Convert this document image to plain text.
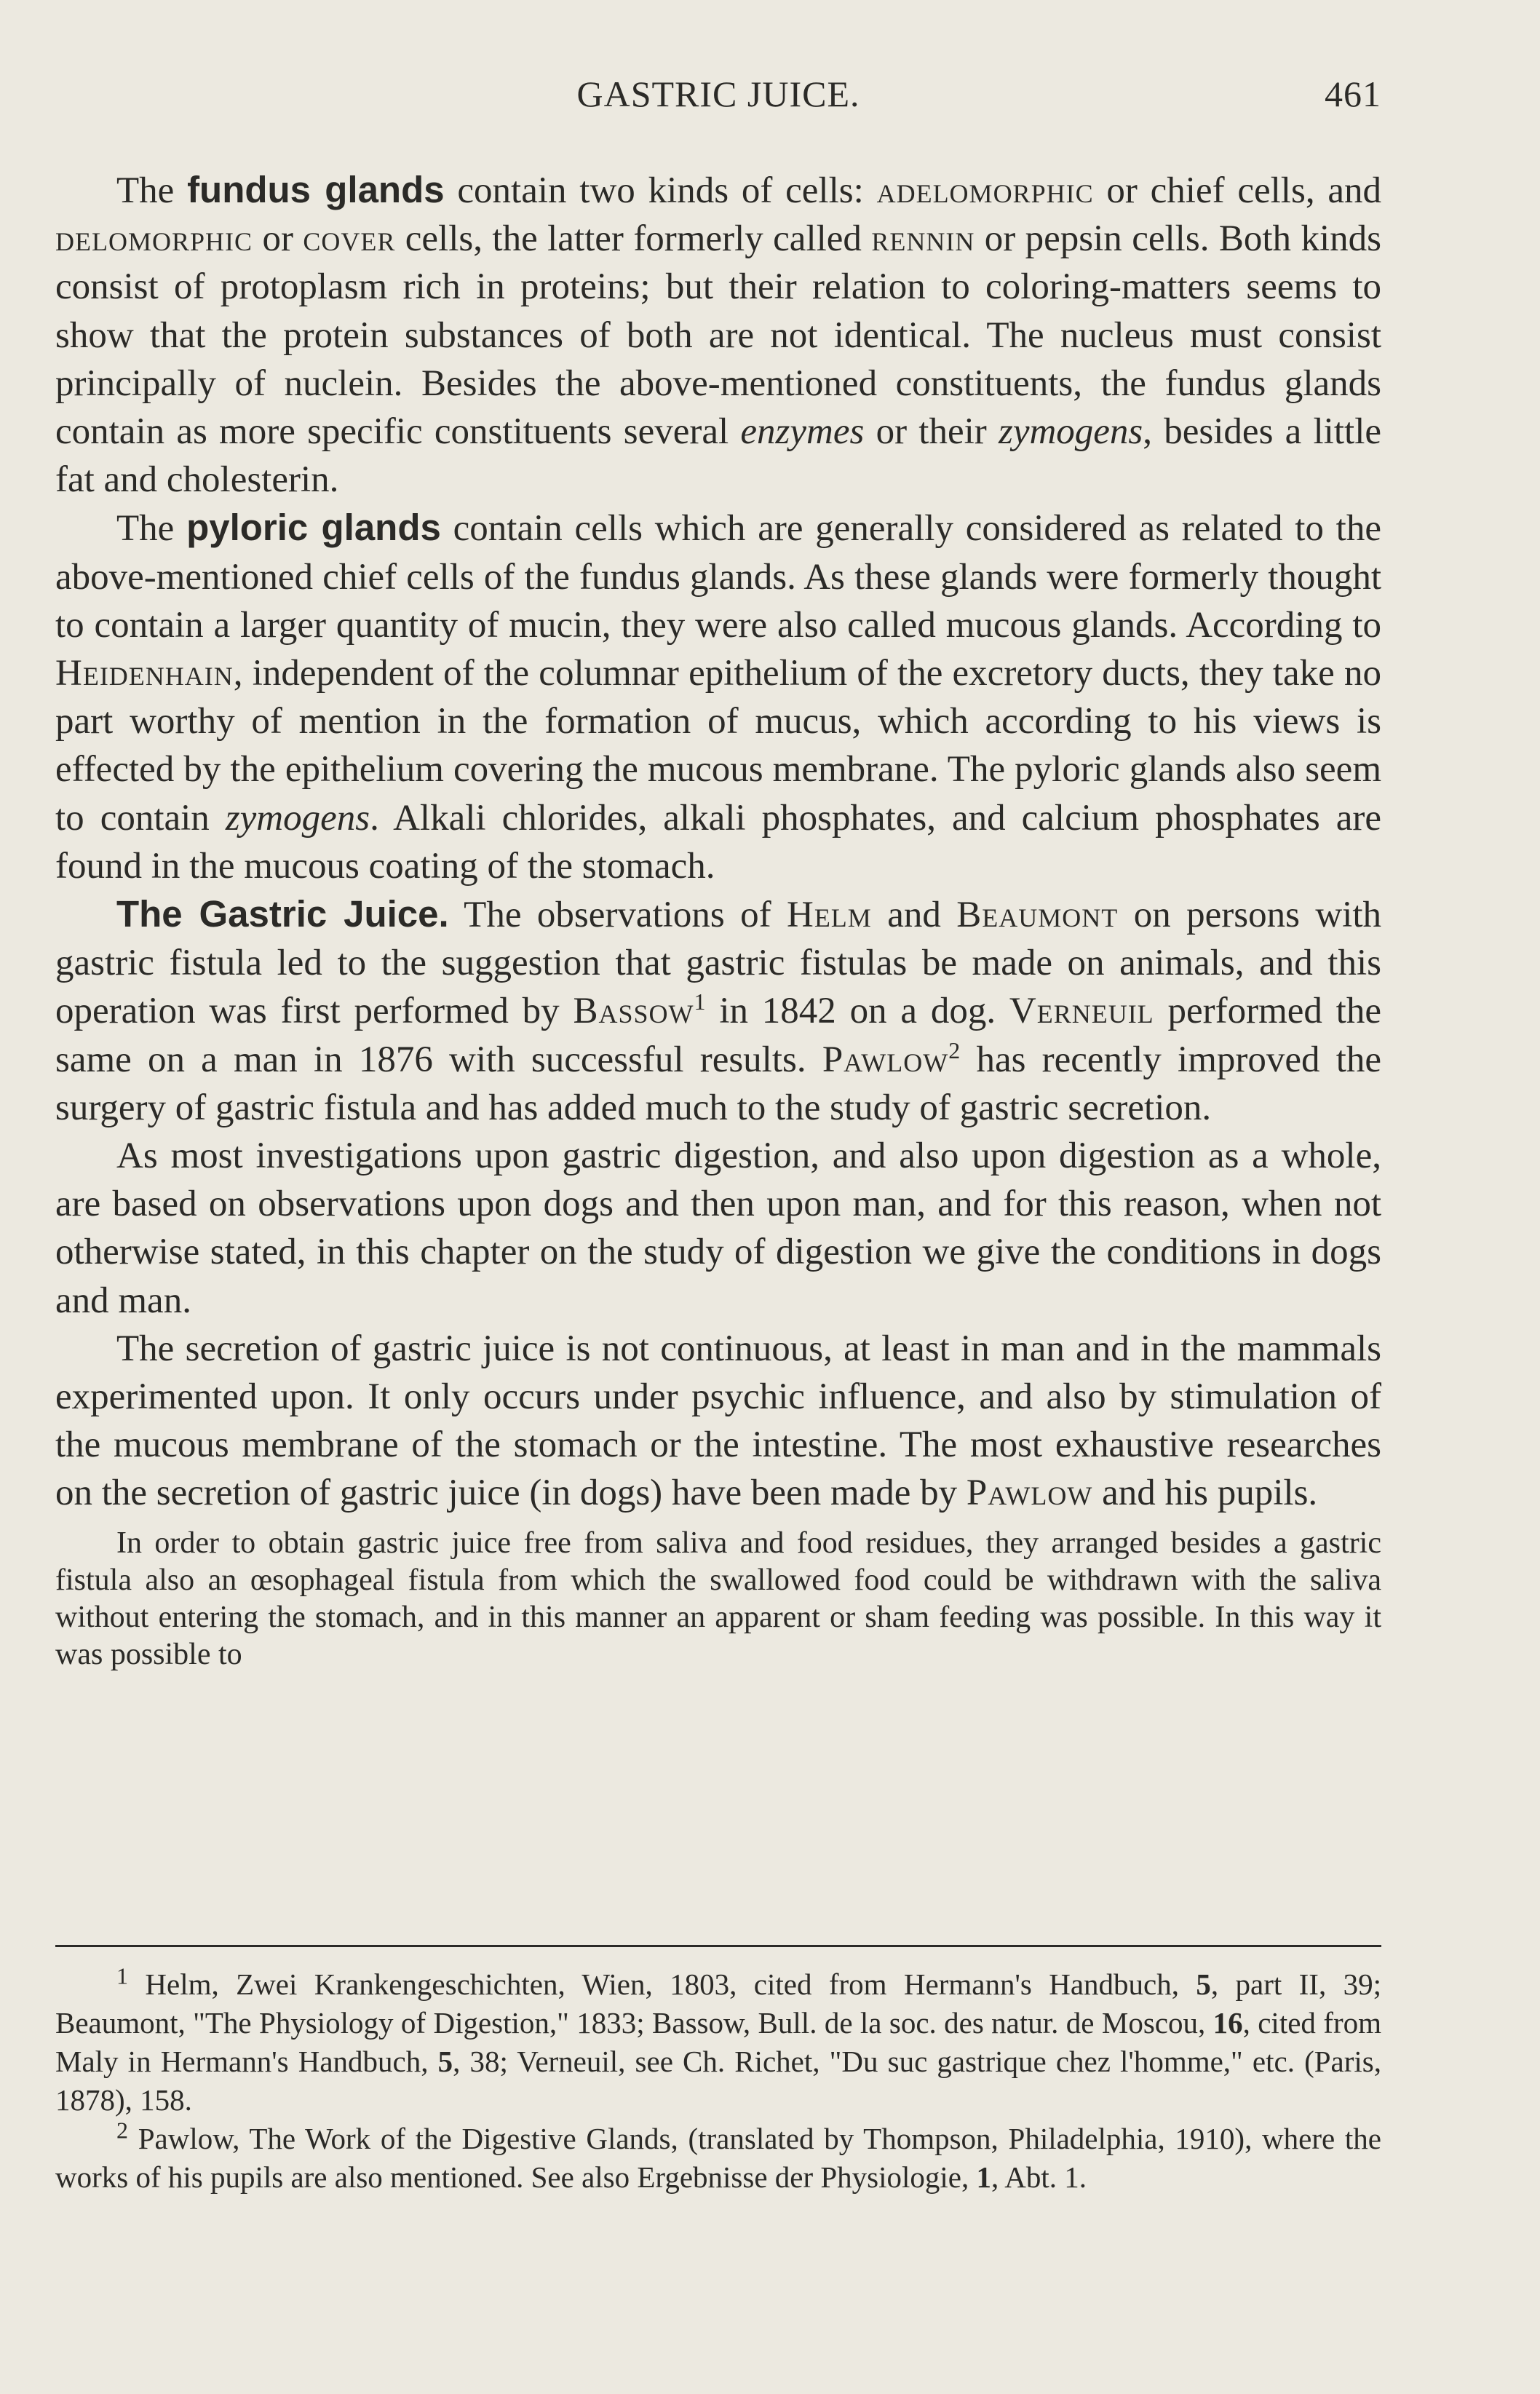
GASTRIC JUICE.	461

The fundus glands contain two kinds of cells: adelomorphic or chief cells, and delomorphic or cover cells, the latter formerly called rennin or pepsin cells. Both kinds consist of protoplasm rich in proteins; but their relation to coloring-matters seems to show that the protein substances of both are not identical. The nucleus must consist principally of nuclein. Besides the above-mentioned constituents, the fundus glands contain as more specific constituents several enzymes or their zymogens, besides a little fat and cholesterin.

The pyloric glands contain cells which are generally considered as related to the above-mentioned chief cells of the fundus glands. As these glands were formerly thought to contain a larger quantity of mucin, they were also called mucous glands. According to Heidenhain, independent of the columnar epithelium of the excretory ducts, they take no part worthy of mention in the formation of mucus, which according to his views is effected by the epithelium covering the mucous membrane. The pyloric glands also seem to contain zymogens. Alkali chlorides, alkali phosphates, and calcium phosphates are found in the mucous coating of the stomach.

The Gastric Juice. The observations of Helm and Beaumont on persons with gastric fistula led to the suggestion that gastric fistulas be made on animals, and this operation was first performed by Bassow$^1$ in 1842 on a dog. Verneuil performed the same on a man in 1876 with successful results. Pawlow$^2$ has recently improved the surgery of gastric fistula and has added much to the study of gastric secretion.

As most investigations upon gastric digestion, and also upon digestion as a whole, are based on observations upon dogs and then upon man, and for this reason, when not otherwise stated, in this chapter on the study of digestion we give the conditions in dogs and man.

The secretion of gastric juice is not continuous, at least in man and in the mammals experimented upon. It only occurs under psychic influence, and also by stimulation of the mucous membrane of the stomach or the intestine. The most exhaustive researches on the secretion of gastric juice (in dogs) have been made by Pawlow and his pupils.

In order to obtain gastric juice free from saliva and food residues, they arranged besides a gastric fistula also an œsophageal fistula from which the swallowed food could be withdrawn with the saliva without entering the stomach, and in this manner an apparent or sham feeding was possible. In this way it was possible to

$^1$ Helm, Zwei Krankengeschichten, Wien, 1803, cited from Hermann's Handbuch, 5, part II, 39; Beaumont, "The Physiology of Digestion," 1833; Bassow, Bull. de la soc. des natur. de Moscou, 16, cited from Maly in Hermann's Handbuch, 5, 38; Verneuil, see Ch. Richet, "Du suc gastrique chez l'homme," etc. (Paris, 1878), 158.

$^2$ Pawlow, The Work of the Digestive Glands, (translated by Thompson, Philadelphia, 1910), where the works of his pupils are also mentioned. See also Ergebnisse der Physiologie, 1, Abt. 1.
